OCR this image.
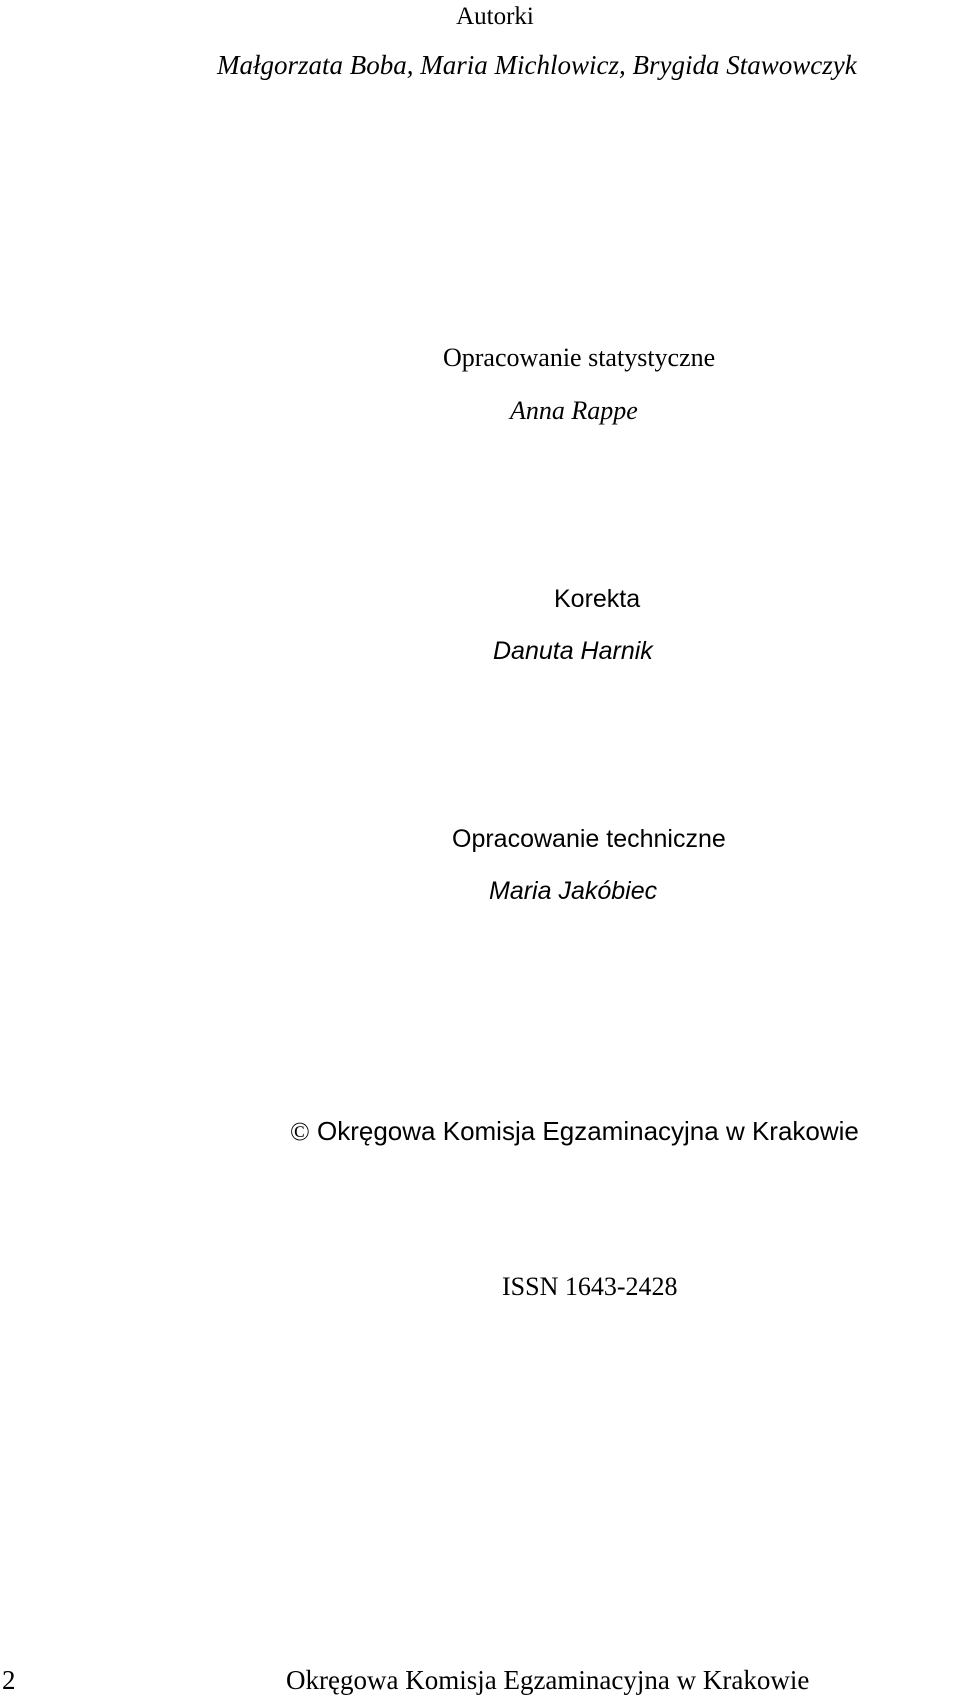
Autorki
Małgorzata Boba, Maria Michlowicz, Brygida Stawowczyk
Opracowanie statystyczne
Anna Rappe
Korekta
Danuta Harnik
Opracowanie techniczne
Maria Jakóbiec
© Okręgowa Komisja Egzaminacyjna w Krakowie
ISSN 1643-2428
2	Okręgowa Komisja Egzaminacyjna w Krakowie
